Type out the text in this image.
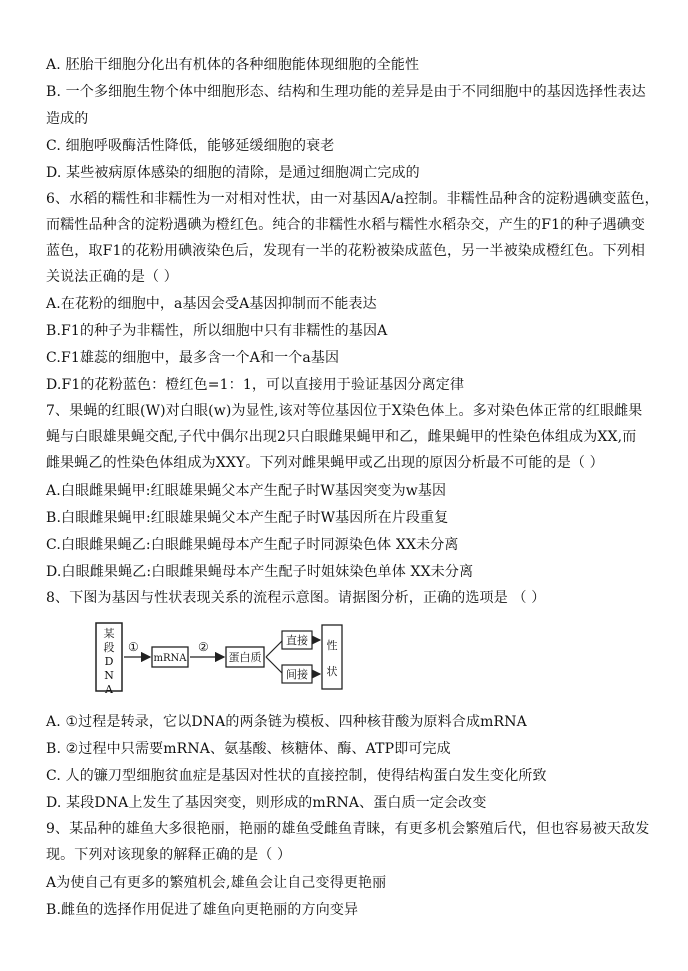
A. 胚胎干细胞分化出有机体的各种细胞能体现细胞的全能性
B. 一个多细胞生物个体中细胞形态、结构和生理功能的差异是由于不同细胞中的基因选择性表达
造成的
C. 细胞呼吸酶活性降低，能够延缓细胞的衰老
D. 某些被病原体感染的细胞的清除，是通过细胞凋亡完成的
6、水稻的糯性和非糯性为一对相对性状，由一对基因A/a控制。非糯性品种含的淀粉遇碘变蓝色，
而糯性品种含的淀粉遇碘为橙红色。纯合的非糯性水稻与糯性水稻杂交，产生的F1的种子遇碘变
蓝色，取F1的花粉用碘液染色后，发现有一半的花粉被染成蓝色，另一半被染成橙红色。下列相
关说法正确的是（ ）
A.在花粉的细胞中，a基因会受A基因抑制而不能表达
B.F1的种子为非糯性，所以细胞中只有非糯性的基因A
C.F1雄蕊的细胞中，最多含一个A和一个a基因
D.F1的花粉蓝色：橙红色=1：1，可以直接用于验证基因分离定律
7、果蝇的红眼(W)对白眼(w)为显性,该对等位基因位于X染色体上。多对染色体正常的红眼雌果
蝇与白眼雄果蝇交配,子代中偶尔出现2只白眼雌果蝇甲和乙，雌果蝇甲的性染色体组成为XX,而
雌果蝇乙的性染色体组成为XXY。下列对雌果蝇甲或乙出现的原因分析最不可能的是（ ）
A.白眼雌果蝇甲:红眼雄果蝇父本产生配子时W基因突变为w基因
B.白眼雌果蝇甲:红眼雄果蝇父本产生配子时W基因所在片段重复
C.白眼雌果蝇乙:白眼雌果蝇母本产生配子时同源染色体 XX未分离
D.白眼雌果蝇乙:白眼雌果蝇母本产生配子时姐妹染色单体 XX未分离
8、下图为基因与性状表现关系的流程示意图。请据图分析，正确的选项是 （ ）
某段 D N A
①
mRNA
②
蛋白质
直接
间接
性
状
A. ①过程是转录，它以DNA的两条链为模板、四种核苷酸为原料合成mRNA
B. ②过程中只需要mRNA、氨基酸、核糖体、酶、ATP即可完成
C. 人的镰刀型细胞贫血症是基因对性状的直接控制，使得结构蛋白发生变化所致
D. 某段DNA上发生了基因突变，则形成的mRNA、蛋白质一定会改变
9、某品种的雄鱼大多很艳丽，艳丽的雄鱼受雌鱼青睐，有更多机会繁殖后代，但也容易被天敌发
现。下列对该现象的解释正确的是（ ）
A为使自己有更多的繁殖机会,雄鱼会让自己变得更艳丽
B.雌鱼的选择作用促进了雄鱼向更艳丽的方向变异
